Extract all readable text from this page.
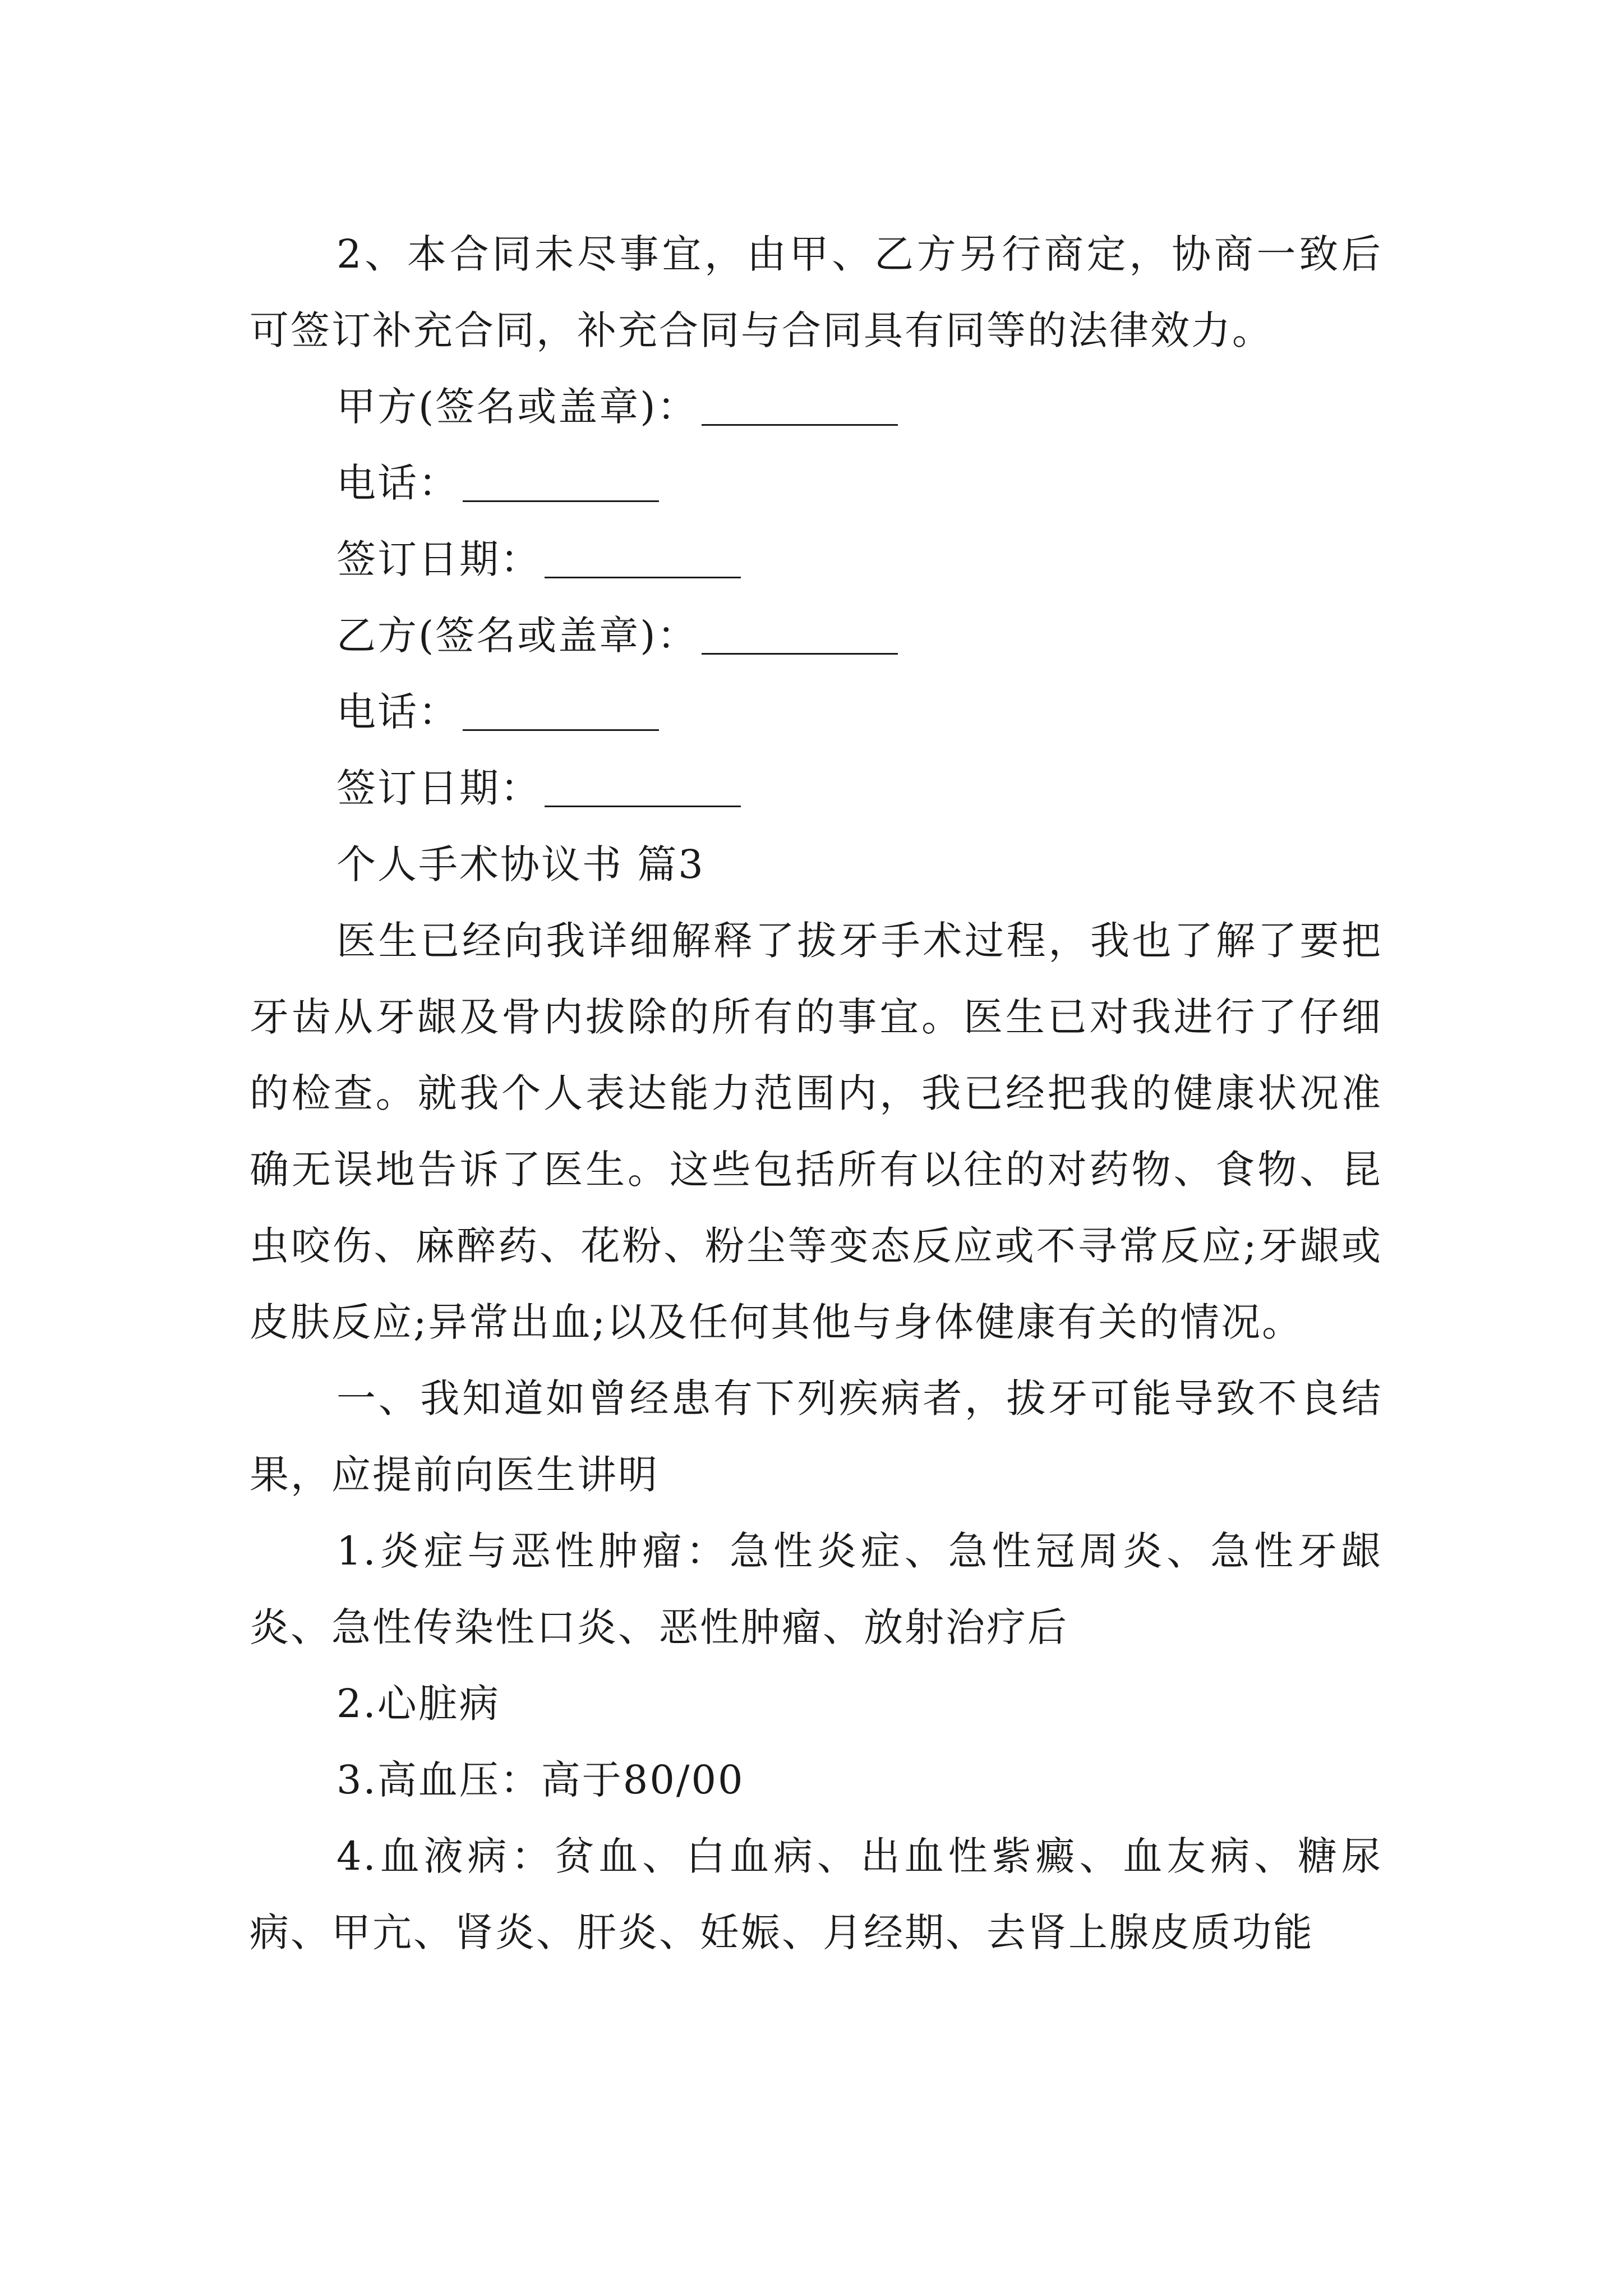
2、本合同未尽事宜，由甲、乙方另行商定，协商一致后可签订补充合同，补充合同与合同具有同等的法律效力。

甲方(签名或盖章)：

电话：

签订日期：

乙方(签名或盖章)：

电话：

签订日期：

个人手术协议书 篇3

医生已经向我详细解释了拔牙手术过程，我也了解了要把牙齿从牙龈及骨内拔除的所有的事宜。医生已对我进行了仔细的检查。就我个人表达能力范围内，我已经把我的健康状况准确无误地告诉了医生。这些包括所有以往的对药物、食物、昆虫咬伤、麻醉药、花粉、粉尘等变态反应或不寻常反应;牙龈或皮肤反应;异常出血;以及任何其他与身体健康有关的情况。

一、我知道如曾经患有下列疾病者，拔牙可能导致不良结果，应提前向医生讲明

1.炎症与恶性肿瘤：急性炎症、急性冠周炎、急性牙龈炎、急性传染性口炎、恶性肿瘤、放射治疗后

2.心脏病

3.高血压：高于80/00

4.血液病：贫血、白血病、出血性紫癜、血友病、糖尿病、甲亢、肾炎、肝炎、妊娠、月经期、去肾上腺皮质功能
